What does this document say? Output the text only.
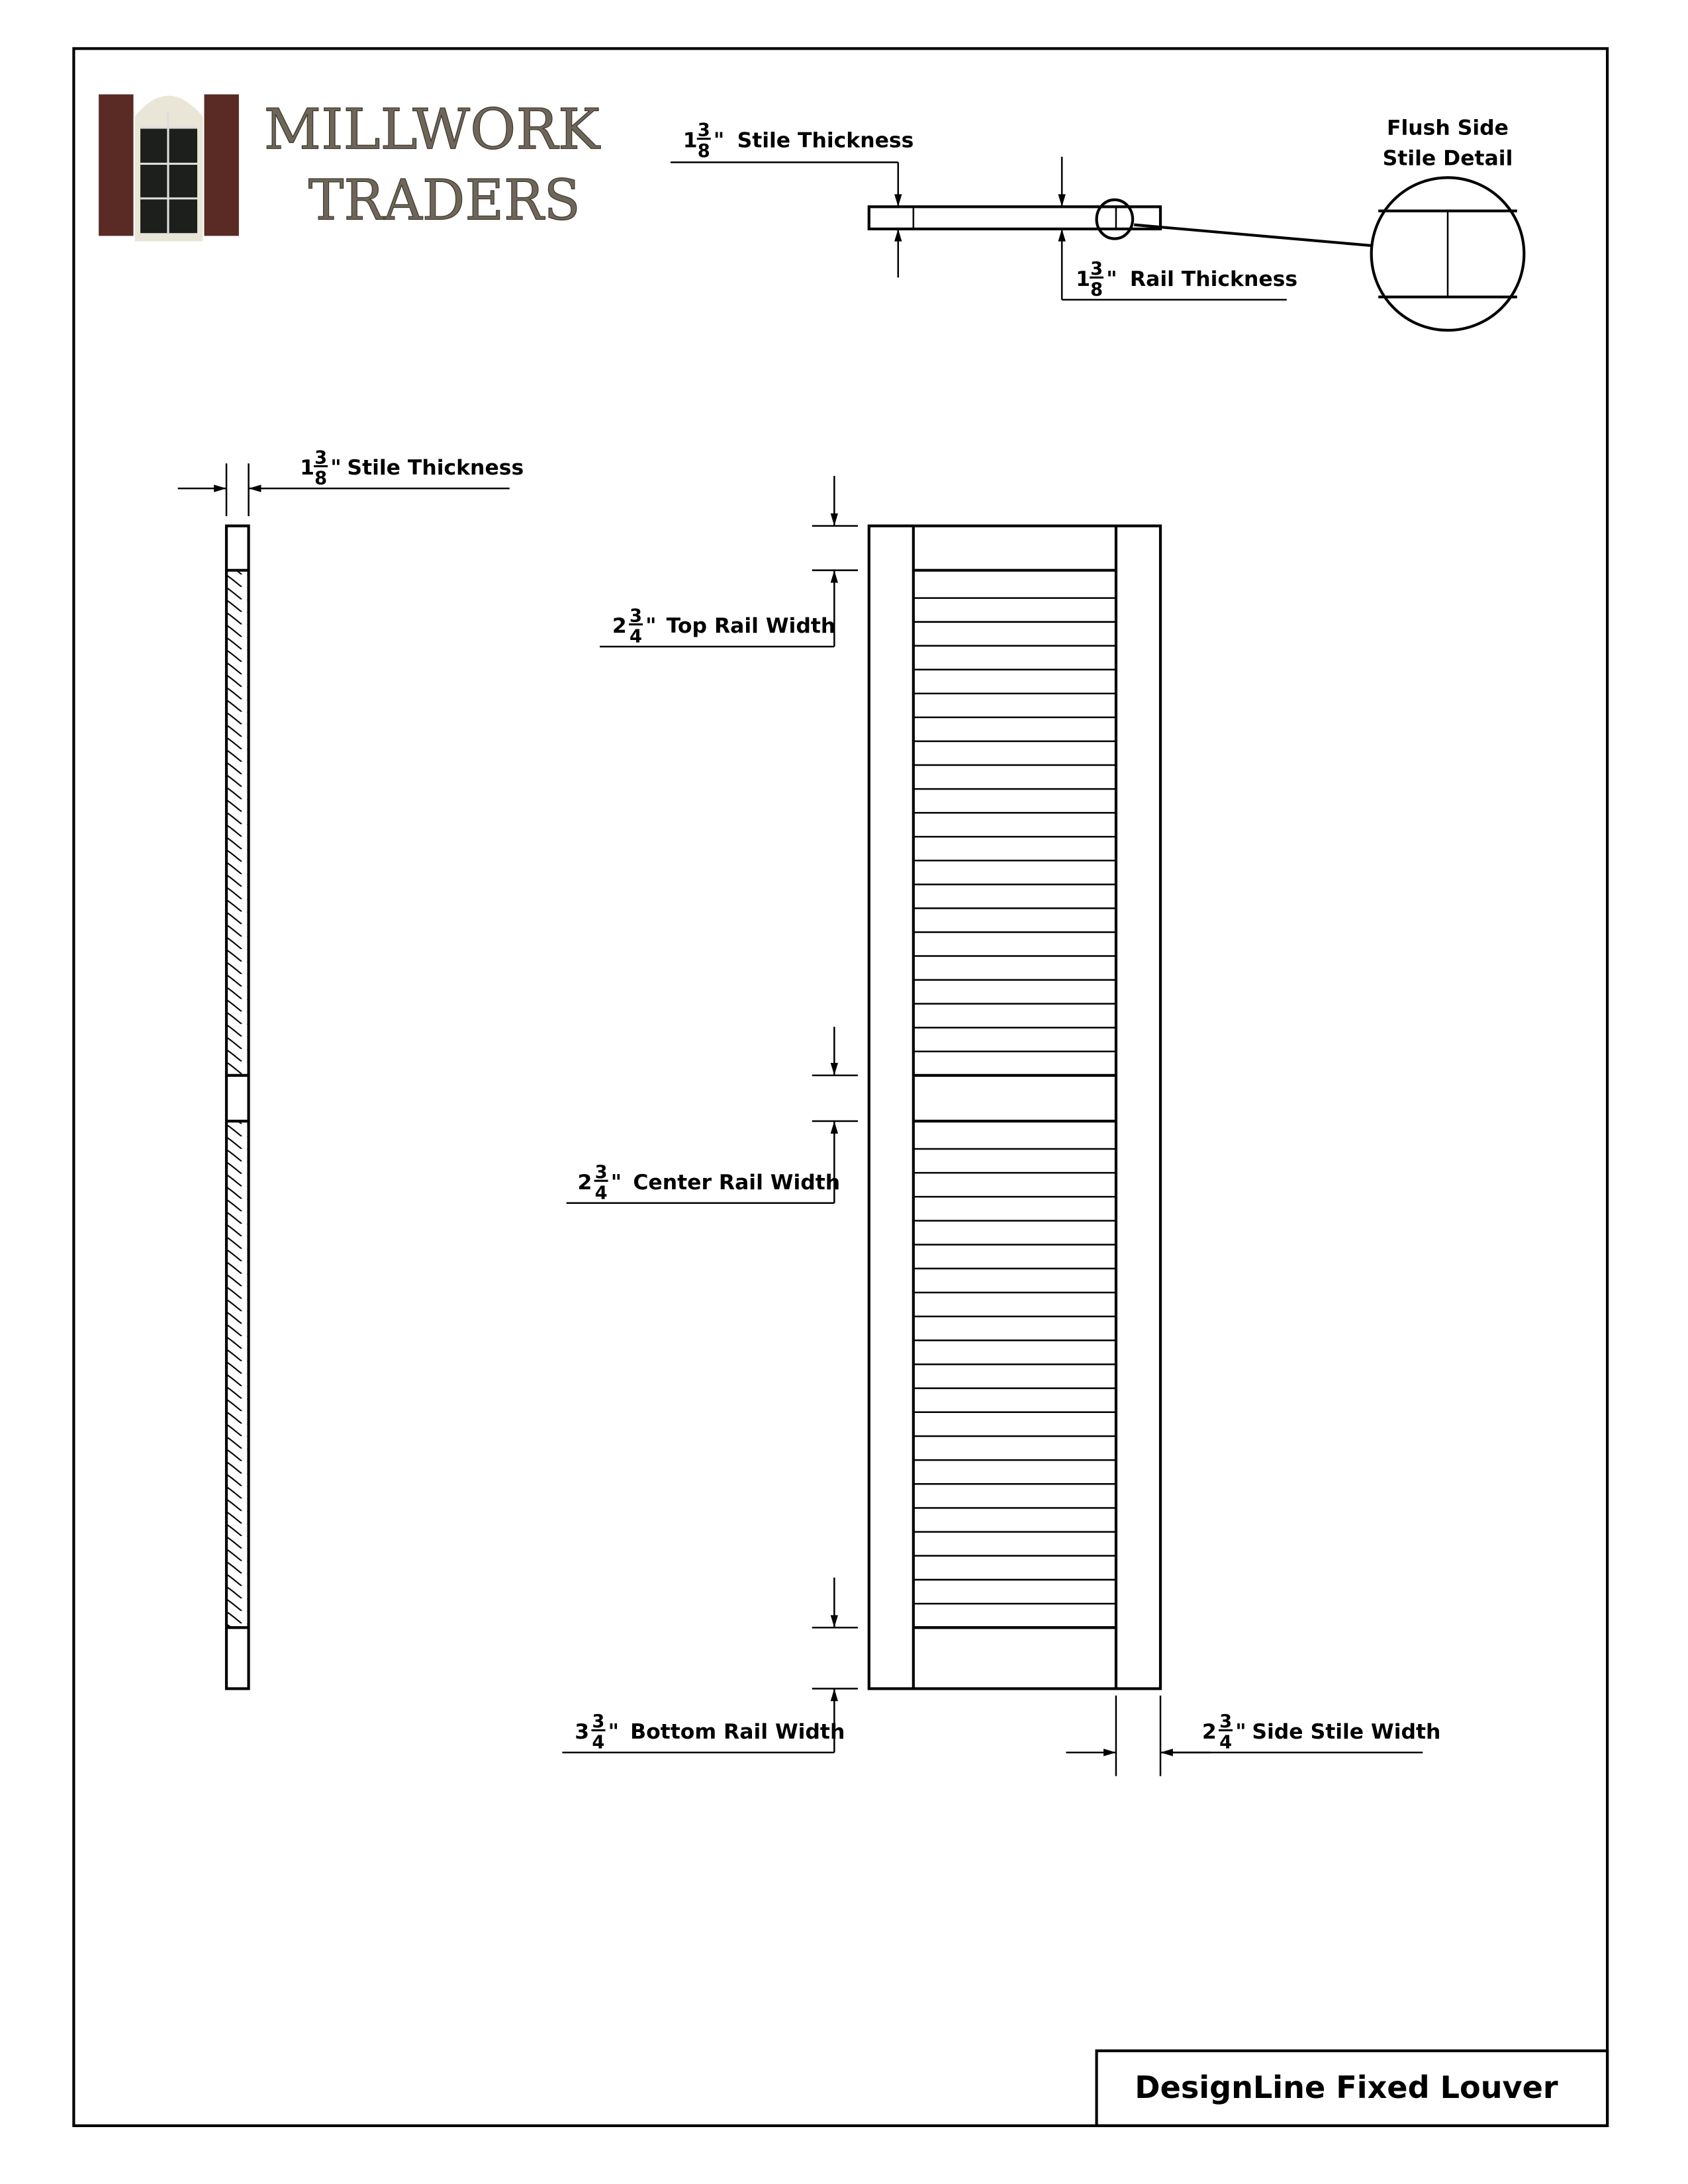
DesignLine Fixed Louver
MILLWORK
TRADERS
Flush Side
Stile Detail
1 3
8 " Stile Thickness
1 3
8 " Rail Thickness
1 3
8 " Stile Thickness
2 3
4 " Top Rail Width
2 3
4 " Center Rail Width
3 3
4 " Bottom Rail Width	2 3
4 " Side Stile Width
